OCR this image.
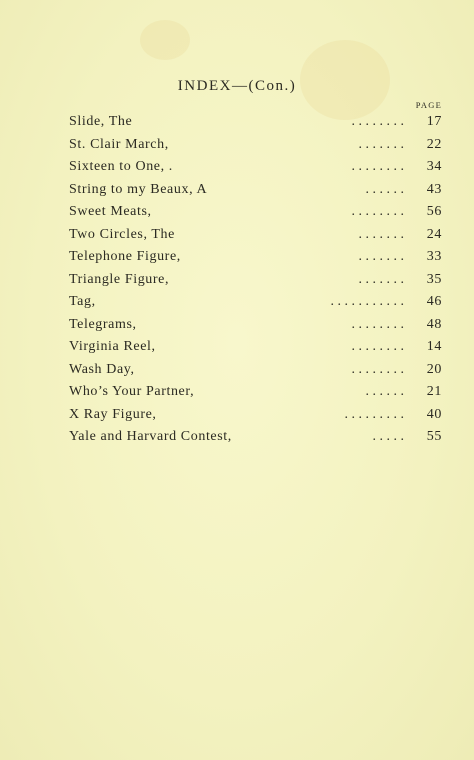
INDEX—(Con.)
PAGE
Slide, The	. . . . . . . .	17
St. Clair March,	. . . . . . .	22
Sixteen to One, .	. . . . . . . .	34
String to my Beaux, A	. . . . . .	43
Sweet Meats,	. . . . . . . .	56
Two Circles, The	. . . . . . .	24
Telephone Figure,	. . . . . . .	33
Triangle Figure,	. . . . . . .	35
Tag,	. . . . . . . . . . .	46
Telegrams,	. . . . . . . .	48
Virginia Reel,	. . . . . . . .	14
Wash Day,	. . . . . . . .	20
Who’s Your Partner,	. . . . . .	21
X Ray Figure,	. . . . . . . . .	40
Yale and Harvard Contest,	. . . . .	55
